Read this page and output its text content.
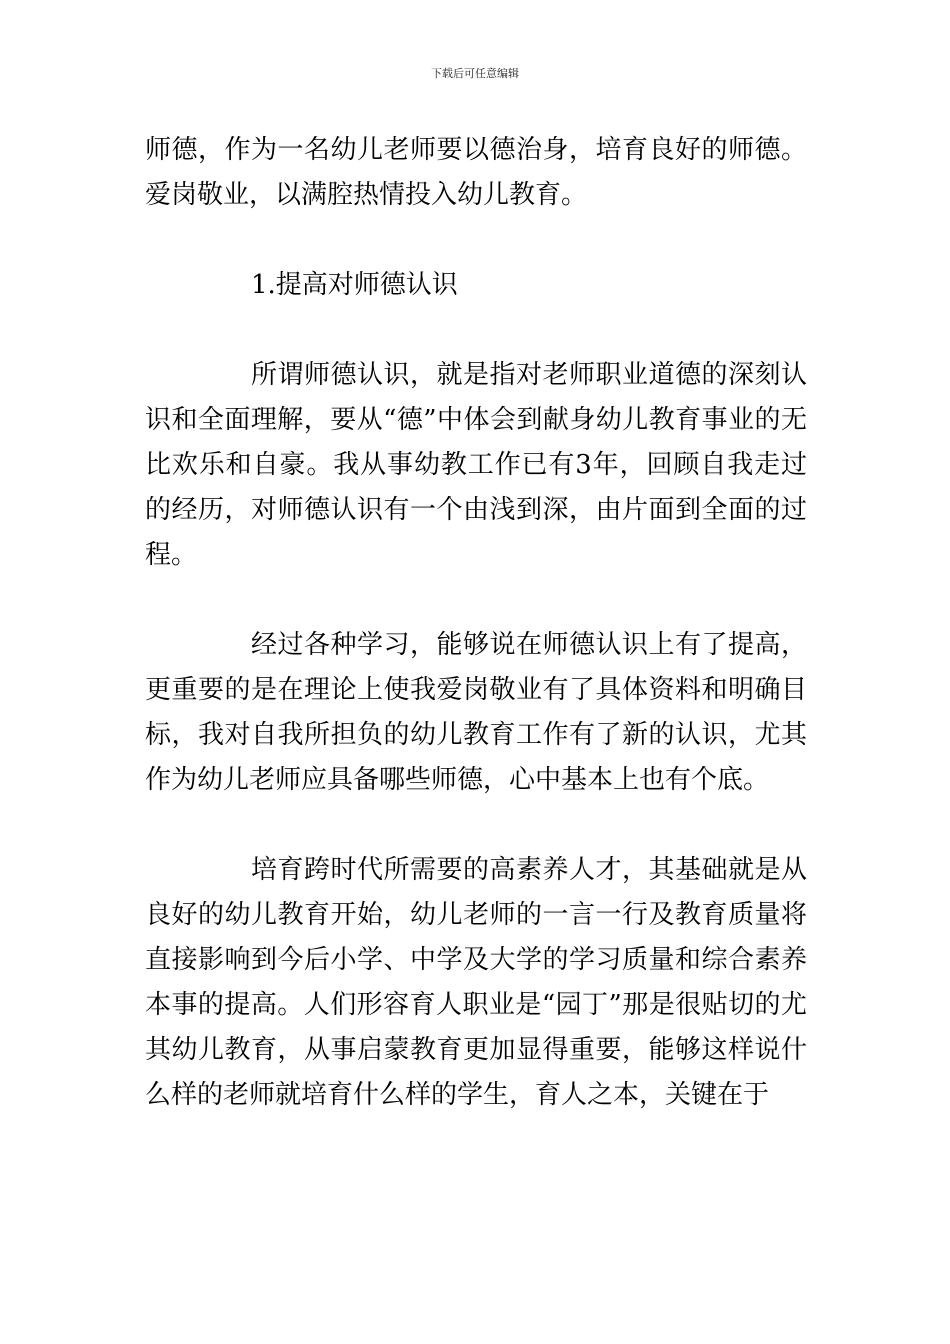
下载后可任意编辑

师德，作为一名幼儿老师要以德治身，培育良好的师德。爱岗敬业，以满腔热情投入幼儿教育。

1.提高对师德认识

所谓师德认识，就是指对老师职业道德的深刻认识和全面理解，要从“德”中体会到献身幼儿教育事业的无比欢乐和自豪。我从事幼教工作已有3年，回顾自我走过的经历，对师德认识有一个由浅到深，由片面到全面的过程。

经过各种学习，能够说在师德认识上有了提高，更重要的是在理论上使我爱岗敬业有了具体资料和明确目标，我对自我所担负的幼儿教育工作有了新的认识，尤其作为幼儿老师应具备哪些师德，心中基本上也有个底。

培育跨时代所需要的高素养人才，其基础就是从良好的幼儿教育开始，幼儿老师的一言一行及教育质量将直接影响到今后小学、中学及大学的学习质量和综合素养本事的提高。人们形容育人职业是“园丁”那是很贴切的尤其幼儿教育，从事启蒙教育更加显得重要，能够这样说什么样的老师就培育什么样的学生，育人之本，关键在于
